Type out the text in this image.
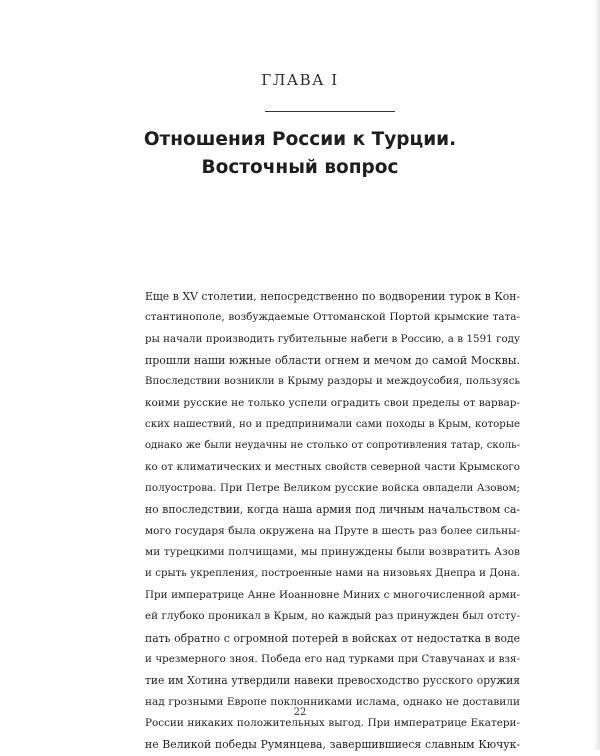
ГЛАВА I
Отношения России к Турции.
Восточный вопрос
Еще в XV столетии, непосредственно по водворении турок в Кон-
стантинополе, возбуждаемые Оттоманской Портой крымские тата-
ры начали производить губительные набеги в Россию, а в 1591 году
прошли наши южные области огнем и мечом до самой Москвы.
Впоследствии возникли в Крыму раздоры и междоусобия, пользуясь
коими русские не только успели оградить свои пределы от варвар-
ских нашествий, но и предпринимали сами походы в Крым, которые
однако же были неудачны не столько от сопротивления татар, сколь-
ко от климатических и местных свойств северной части Крымского
полуострова. При Петре Великом русские войска овладели Азовом;
но впоследствии, когда наша армия под личным начальством са-
мого государя была окружена на Пруте в шесть раз более сильны-
ми турецкими полчищами, мы принуждены были возвратить Азов
и срыть укрепления, построенные нами на низовьях Днепра и Дона.
При императрице Анне Иоанновне Миних с многочисленной арми-
ей глубоко проникал в Крым, но каждый раз принужден был отсту-
пать обратно с огромной потерей в войсках от недостатка в воде
и чрезмерного зноя. Победа его над турками при Ставучанах и взя-
тие им Хотина утвердили навеки превосходство русского оружия
над грозными Европе поклонниками ислама, однако не доставили
России никаких положительных выгод. При императрице Екатери-
не Великой победы Румянцева, завершившиеся славным Кючук-
22
